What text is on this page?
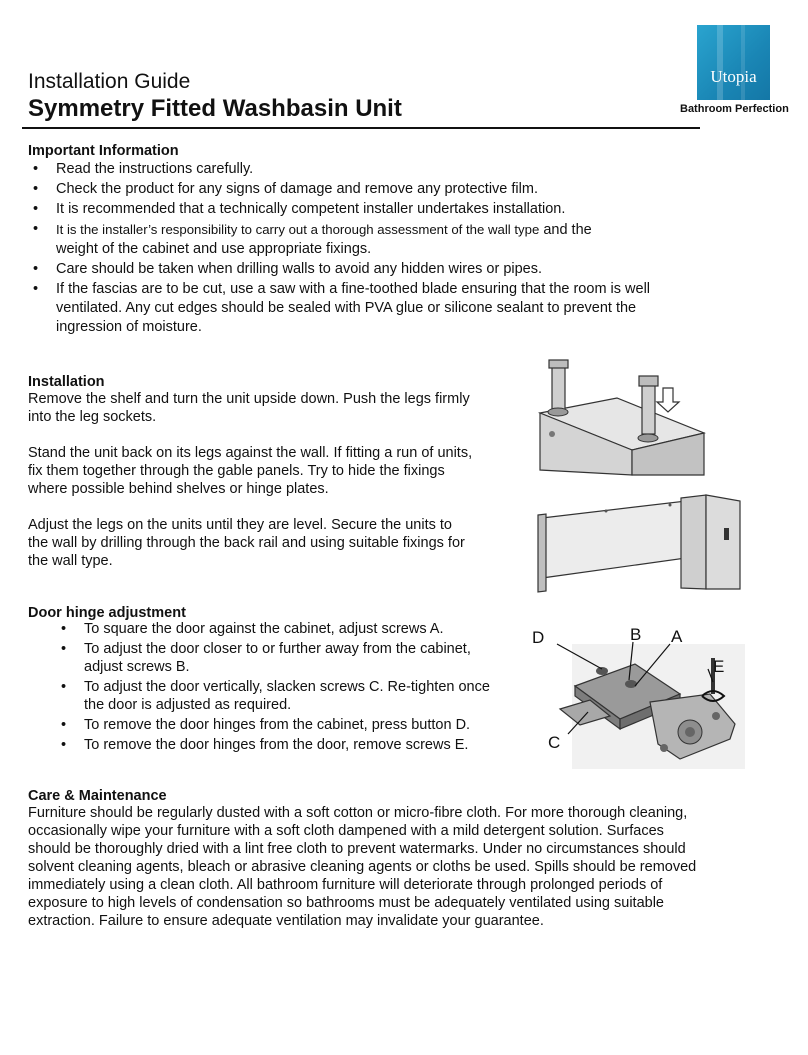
Installation Guide
Symmetry Fitted Washbasin Unit
Utopia
Bathroom Perfection
Important Information
• Read the instructions carefully.
• Check the product for any signs of damage and remove any protective film.
• It is recommended that a technically competent installer undertakes installation.
• It is the installer’s responsibility to carry out a thorough assessment of the wall type and the
weight of the cabinet and use appropriate fixings.
• Care should be taken when drilling walls to avoid any hidden wires or pipes.
• If the fascias are to be cut, use a saw with a fine-toothed blade ensuring that the room is well ventilated. Any cut edges should be sealed with PVA glue or silicone sealant to prevent the ingression of moisture.
Installation
Remove the shelf and turn the unit upside down. Push the legs firmly into the leg sockets.
Stand the unit back on its legs against the wall. If fitting a run of units, fix them together through the gable panels. Try to hide the fixings where possible behind shelves or hinge plates.
Adjust the legs on the units until they are level. Secure the units to the wall by drilling through the back rail and using suitable fixings for the wall type.
Door hinge adjustment
• To square the door against the cabinet, adjust screws A.
• To adjust the door closer to or further away from the cabinet, adjust screws B.
• To adjust the door vertically, slacken screws C. Re-tighten once the door is adjusted as required.
• To remove the door hinges from the cabinet, press button D.
• To remove the door hinges from the door, remove screws E.
D	B A
E
C
Care & Maintenance
Furniture should be regularly dusted with a soft cotton or micro-fibre cloth. For more thorough cleaning, occasionally wipe your furniture with a soft cloth dampened with a mild detergent solution. Surfaces should be thoroughly dried with a lint free cloth to prevent watermarks. Under no circumstances should solvent cleaning agents, bleach or abrasive cleaning agents or cloths be used. Spills should be removed immediately using a clean cloth. All bathroom furniture will deteriorate through prolonged periods of exposure to high levels of condensation so bathrooms must be adequately ventilated using suitable extraction. Failure to ensure adequate ventilation may invalidate your guarantee.
